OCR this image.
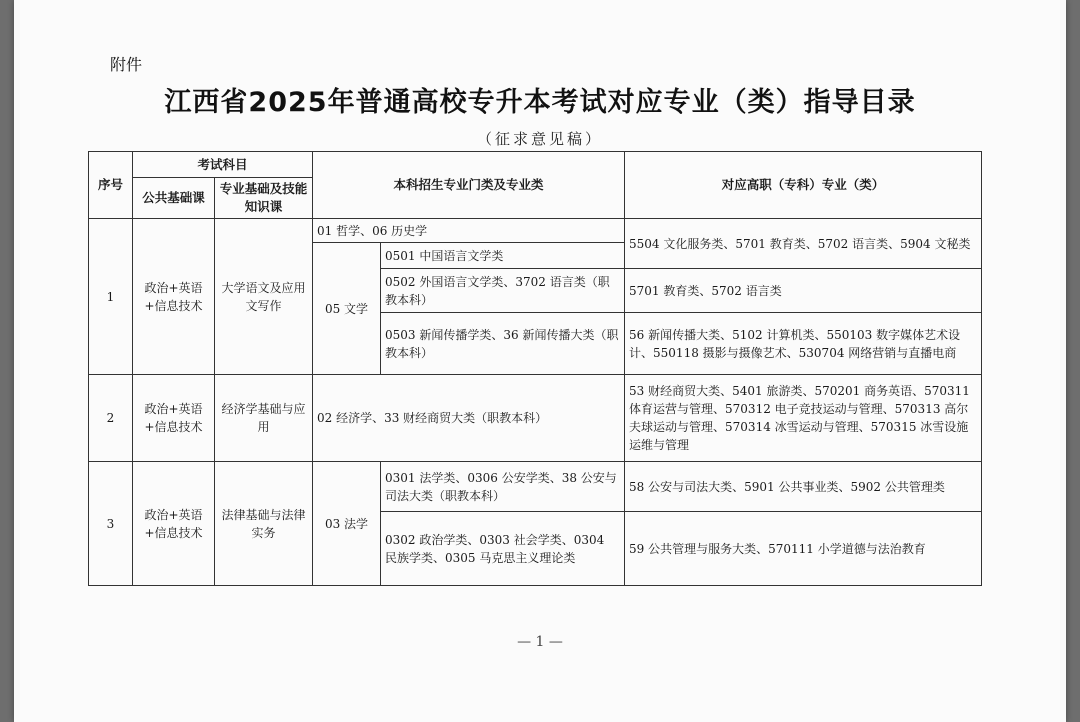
附件
江西省2025年普通高校专升本考试对应专业（类）指导目录
（征求意见稿）
— 1 —
序号	考试科目		本科招生专业门类及专业类		对应高职（专科）专业（类）
	公共基础课	专业基础及技能知识课			
1	政治+英语+信息技术	大学语文及应用文写作	01 哲学、06 历史学		5504 文化服务类、5701 教育类、5702 语言类、5904 文秘类
			05 文学	0501 中国语言文学类	
				0502 外国语言文学类、3702 语言类（职教本科）	5701 教育类、5702 语言类
				0503 新闻传播学类、36 新闻传播大类（职教本科）	56 新闻传播大类、5102 计算机类、550103 数字媒体艺术设计、550118 摄影与摄像艺术、530704 网络营销与直播电商
2	政治+英语+信息技术	经济学基础与应用	02 经济学、33 财经商贸大类（职教本科）		53 财经商贸大类、5401 旅游类、570201 商务英语、570311 体育运营与管理、570312 电子竞技运动与管理、570313 高尔夫球运动与管理、570314 冰雪运动与管理、570315 冰雪设施运维与管理
3	政治+英语+信息技术	法律基础与法律实务	03 法学	0301 法学类、0306 公安学类、38 公安与司法大类（职教本科）	58 公安与司法大类、5901 公共事业类、5902 公共管理类
				0302 政治学类、0303 社会学类、0304 民族学类、0305 马克思主义理论类	59 公共管理与服务大类、570111 小学道德与法治教育
